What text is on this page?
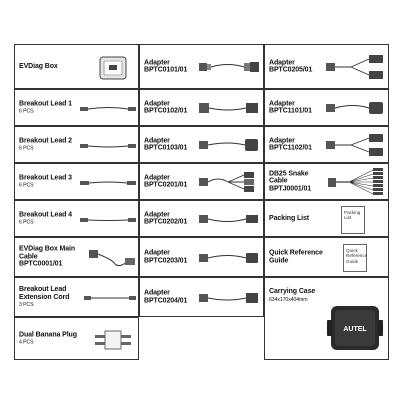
EVDiag Box
Breakout Lead 1
6 PCS
Breakout Lead 2
6 PCS
Breakout Lead 3
6 PCS
Breakout Lead 4
6 PCS
EVDiag Box Main
Cable
BPTC0001/01
Breakout Lead
Extension Cord
3 PCS
Dual Banana Plug
4 PCS
Adapter
BPTC0101/01
Adapter
BPTC0102/01
Adapter
BPTC0103/01
Adapter
BPTC0201/01
Adapter
BPTC0202/01
Adapter
BPTC0203/01
Adapter
BPTC0204/01
Adapter
BPTC0205/01
Adapter
BPTC1101/01
Adapter
BPTC1102/01
DB25 Snake
Cable
BPTJ0001/01
Packing List
Packing
List
Quick Reference
Guide
Quick
Reference
Guide
Carrying Case
634x170x404mm
AUTEL
